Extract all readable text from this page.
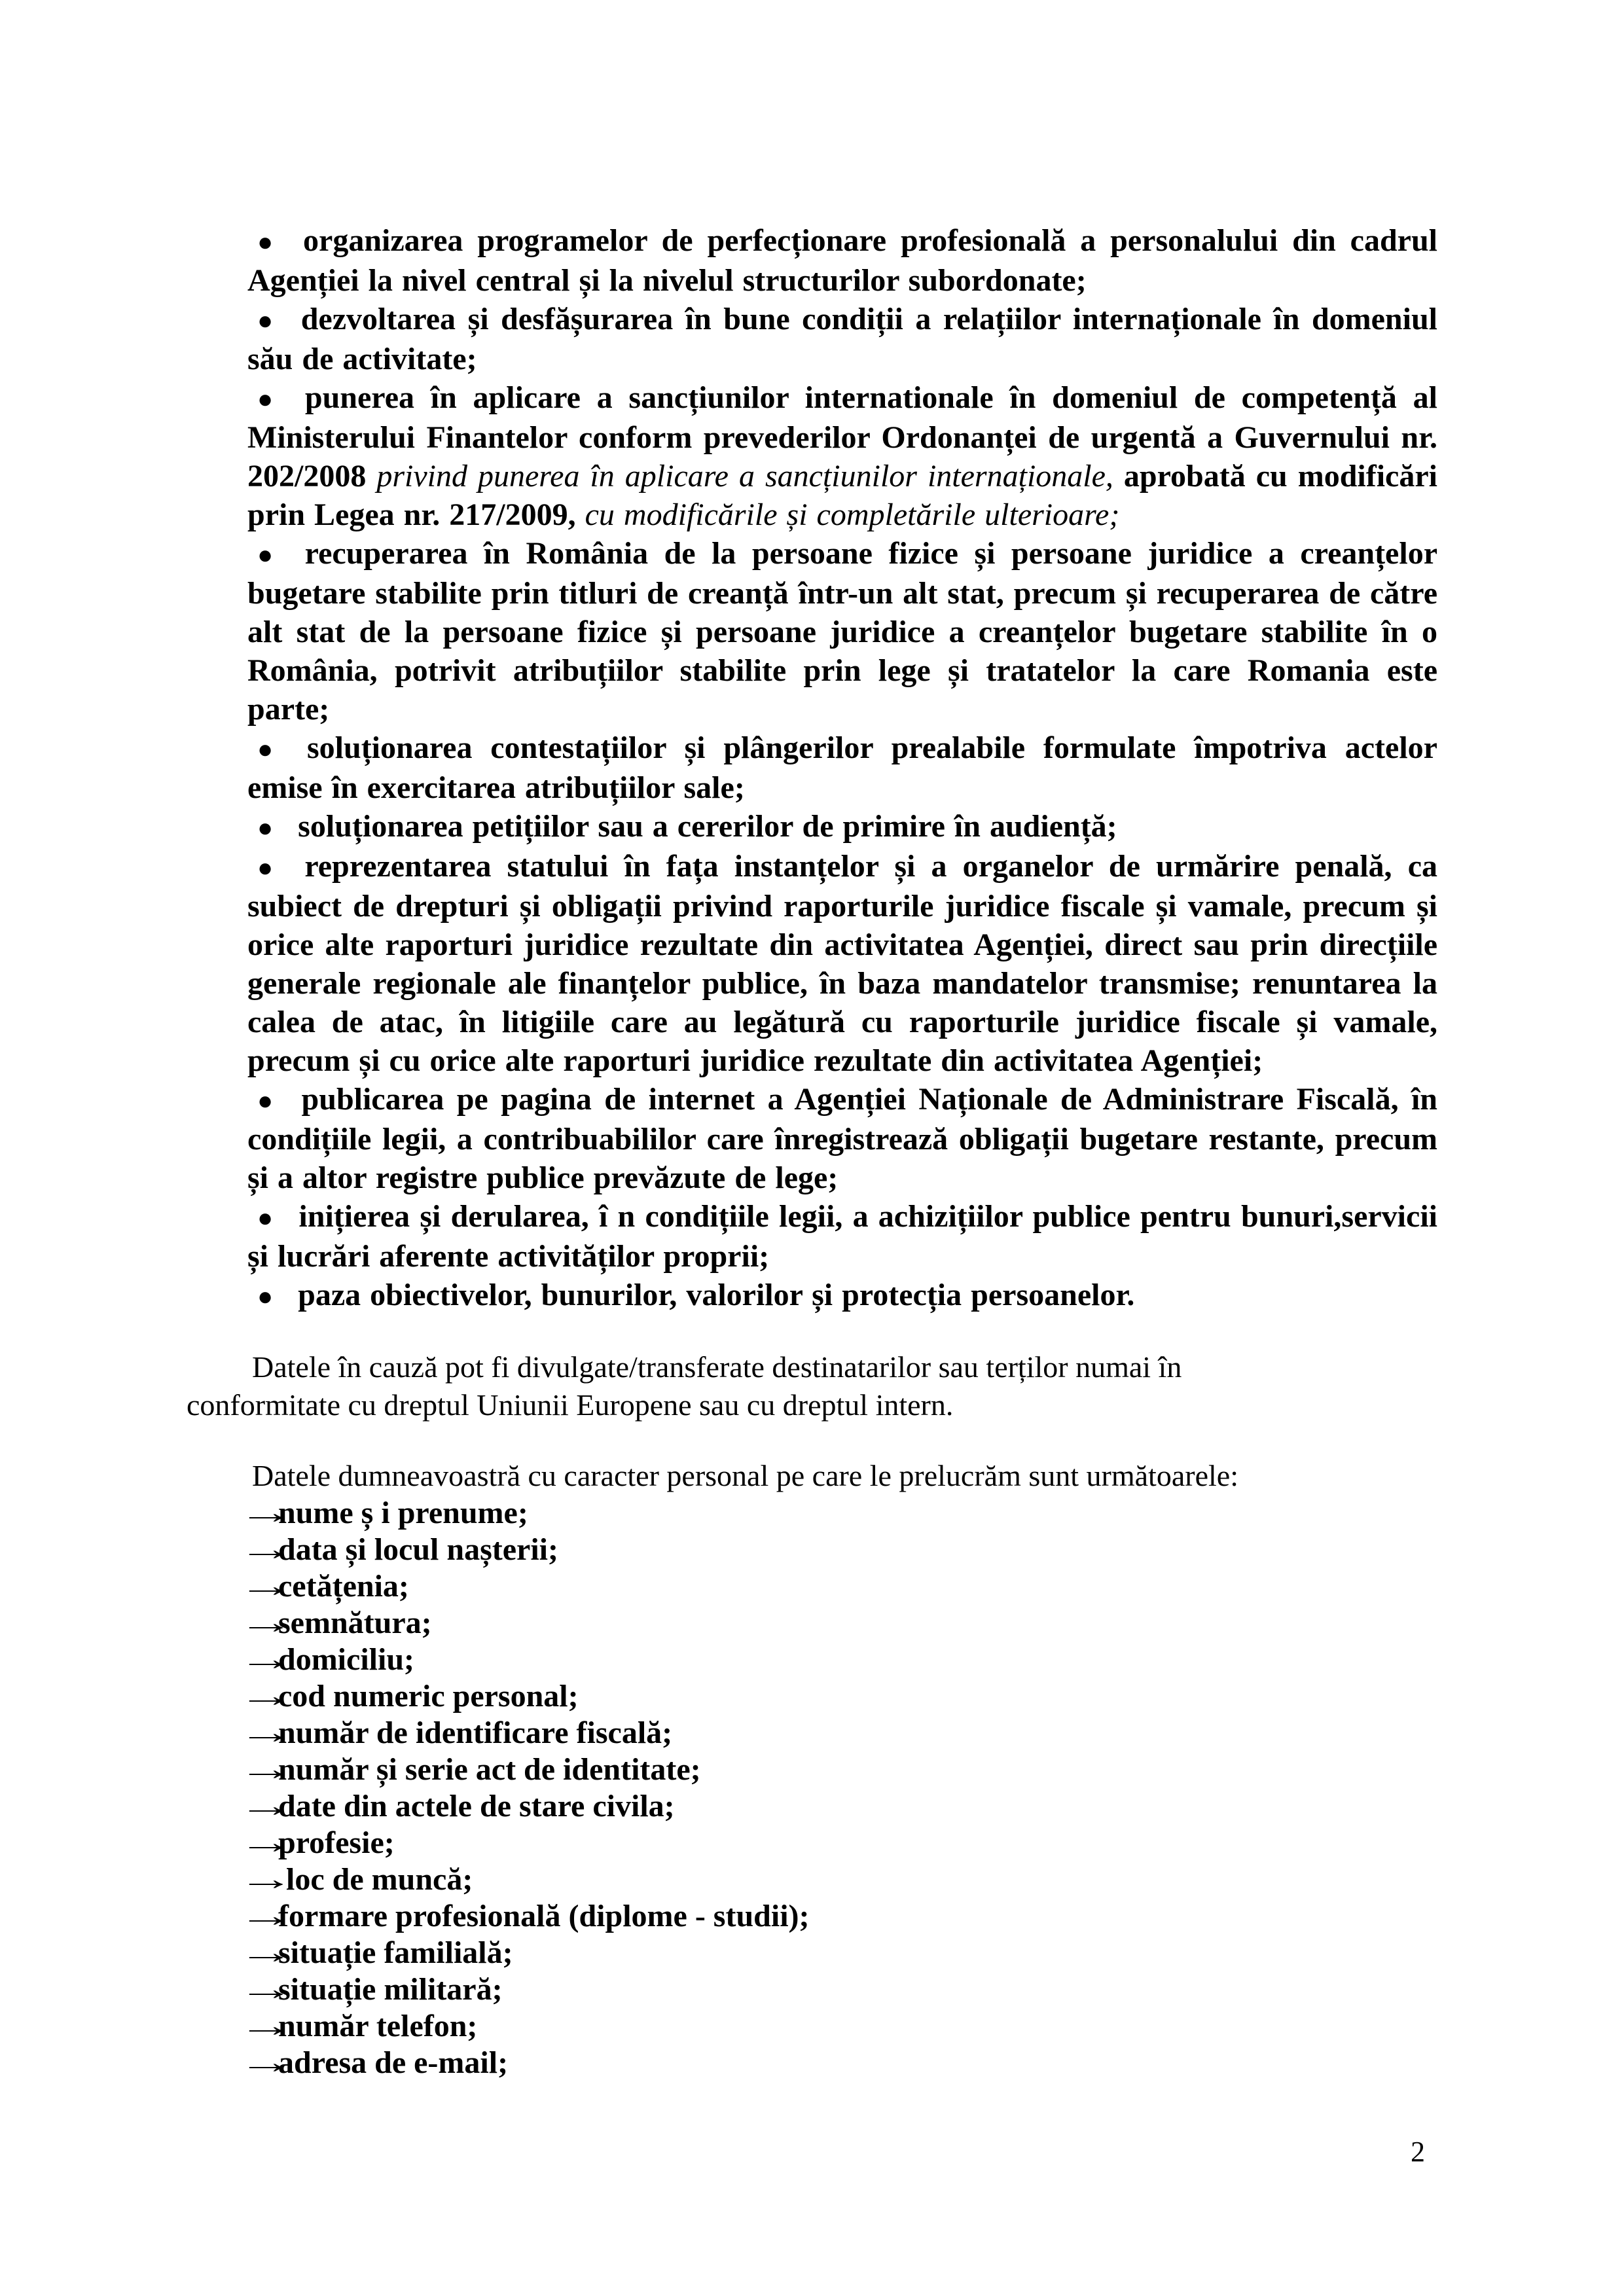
● organizarea programelor de perfecționare profesională a personalului din cadrul Agenției la nivel central și la nivelul structurilor subordonate;

● dezvoltarea și desfășurarea în bune condiții a relațiilor internaționale în domeniul său de activitate;

● punerea în aplicare a sancțiunilor internationale în domeniul de competență al Ministerului Finantelor conform prevederilor Ordonanței de urgentă a Guvernului nr. 202/2008 privind punerea în aplicare a sancțiunilor internaționale, aprobată cu modificări prin Legea nr. 217/2009, cu modificările și completările ulterioare;

● recuperarea în România de la persoane fizice și persoane juridice a creanțelor bugetare stabilite prin titluri de creanță într-un alt stat, precum și recuperarea de către alt stat de la persoane fizice și persoane juridice a creanțelor bugetare stabilite în o România, potrivit atribuțiilor stabilite prin lege și tratatelor la care Romania este parte;

● soluționarea contestațiilor și plângerilor prealabile formulate împotriva actelor emise în exercitarea atribuțiilor sale;

● soluționarea petițiilor sau a cererilor de primire în audiență;

● reprezentarea statului în fața instanțelor și a organelor de urmărire penală, ca subiect de drepturi și obligații privind raporturile juridice fiscale și vamale, precum și orice alte raporturi juridice rezultate din activitatea Agenției, direct sau prin direcțiile generale regionale ale finanțelor publice, în baza mandatelor transmise; renuntarea la calea de atac, în litigiile care au legătură cu raporturile juridice fiscale și vamale, precum și cu orice alte raporturi juridice rezultate din activitatea Agenției;

● publicarea pe pagina de internet a Agenției Naționale de Administrare Fiscală, în condițiile legii, a contribuabililor care înregistrează obligații bugetare restante, precum și a altor registre publice prevăzute de lege;

● inițierea și derularea, î n condițiile legii, a achizițiilor publice pentru bunuri,servicii și lucrări aferente activităților proprii;

● paza obiectivelor, bunurilor, valorilor și protecția persoanelor.

Datele în cauză pot fi divulgate/transferate destinatarilor sau terților numai în conformitate cu dreptul Uniunii Europene sau cu dreptul intern.

Datele dumneavoastră cu caracter personal pe care le prelucrăm sunt următoarele:

→nume ș i prenume;

→data și locul nașterii;

→cetățenia;

→semnătura;

→domiciliu;

→cod numeric personal;

→număr de identificare fiscală;

→număr și serie act de identitate;

→date din actele de stare civila;

→profesie;

→ loc de muncă;

→formare profesională (diplome - studii);

→situație familială;

→situație militară;

→număr telefon;

→adresa de e-mail;

2
